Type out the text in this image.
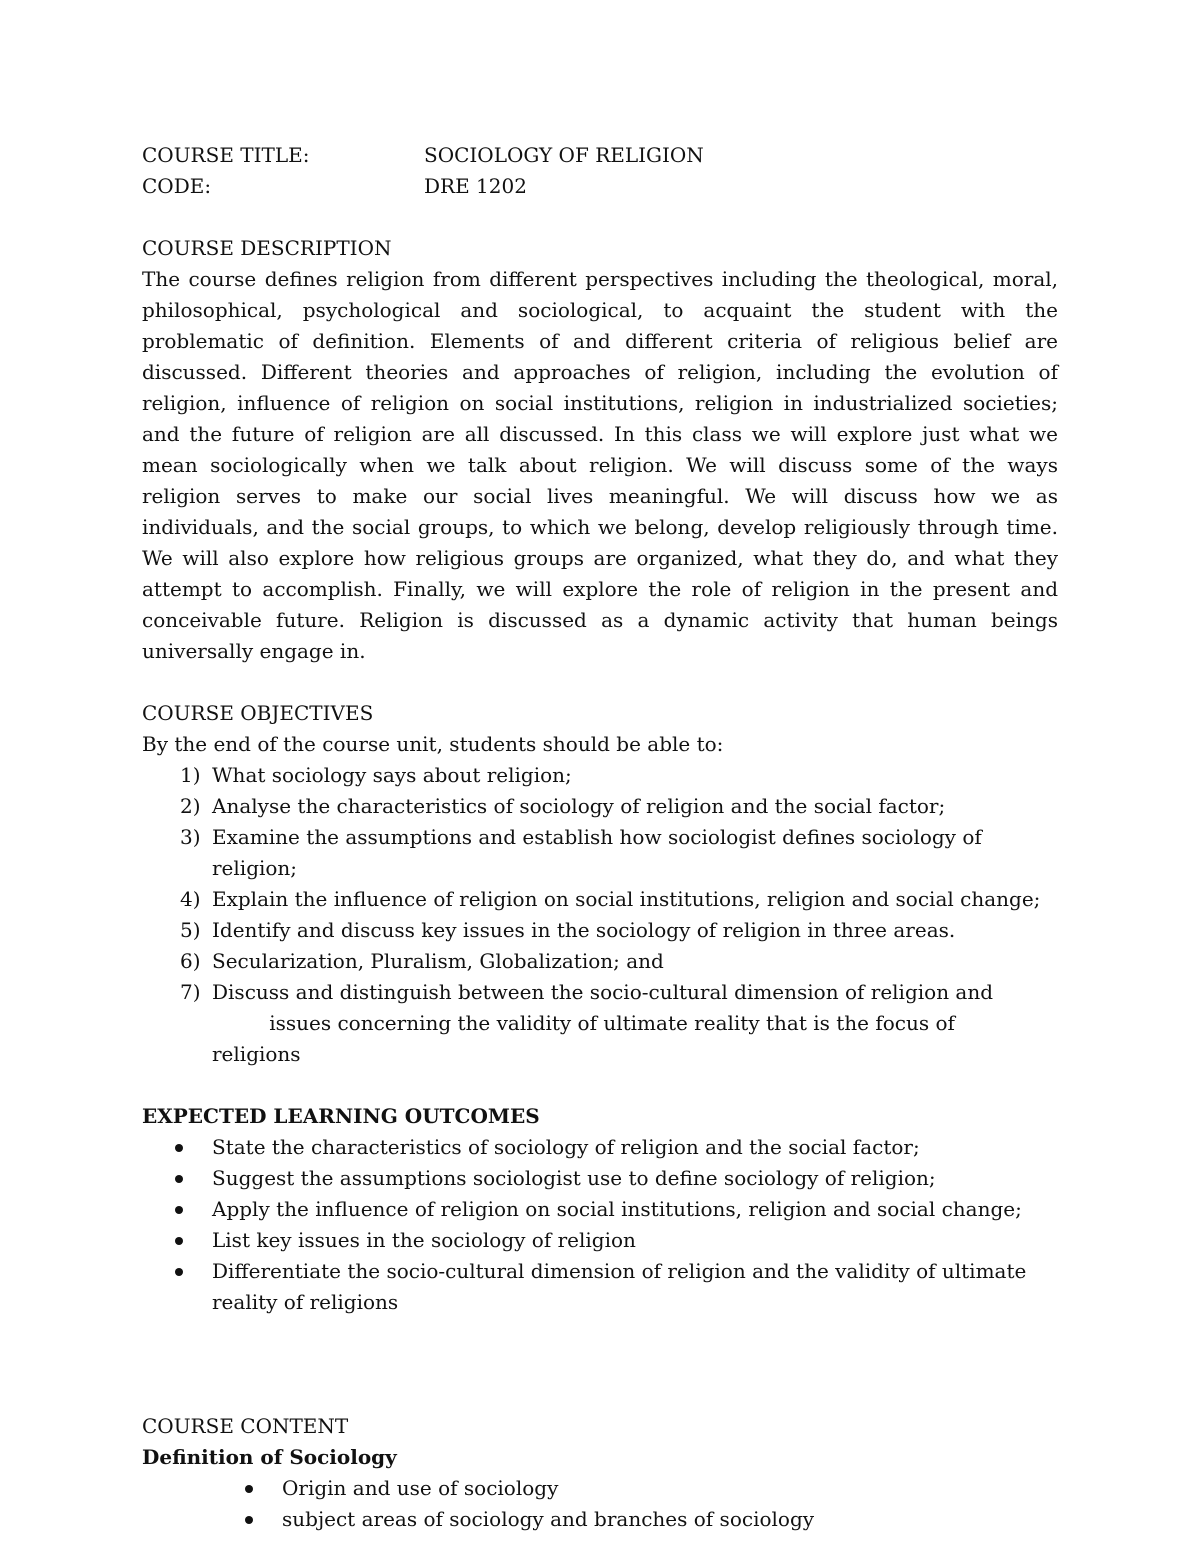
COURSE TITLE:	SOCIOLOGY OF RELIGION
CODE:	DRE 1202
COURSE DESCRIPTION
The course defines religion from different perspectives including the theological, moral, philosophical, psychological and sociological, to acquaint the student with the problematic of definition. Elements of and different criteria of religious belief are discussed. Different theories and approaches of religion, including the evolution of religion, influence of religion on social institutions, religion in industrialized societies; and the future of religion are all discussed. In this class we will explore just what we mean sociologically when we talk about religion. We will discuss some of the ways religion serves to make our social lives meaningful. We will discuss how we as individuals, and the social groups, to which we belong, develop religiously through time. We will also explore how religious groups are organized, what they do, and what they attempt to accomplish. Finally, we will explore the role of religion in the present and conceivable future. Religion is discussed as a dynamic activity that human beings universally engage in.
COURSE OBJECTIVES
By the end of the course unit, students should be able to:
1) What sociology says about religion;
2) Analyse the characteristics of sociology of religion and the social factor;
3) Examine the assumptions and establish how sociologist defines sociology of religion;
4) Explain the influence of religion on social institutions, religion and social change;
5) Identify and discuss key issues in the sociology of religion in three areas.
6) Secularization, Pluralism, Globalization; and
7) Discuss and distinguish between the socio-cultural dimension of religion and          issues concerning the validity of ultimate reality that is the focus of religions
EXPECTED LEARNING OUTCOMES
State the characteristics of sociology of religion and the social factor;
Suggest the assumptions sociologist use to define sociology of religion;
Apply the influence of religion on social institutions, religion and social change;
List key issues in the sociology of religion
Differentiate the socio-cultural dimension of religion and the validity of ultimate reality of religions
COURSE CONTENT
Definition of Sociology
Origin and use of sociology
subject areas of sociology and branches of sociology
